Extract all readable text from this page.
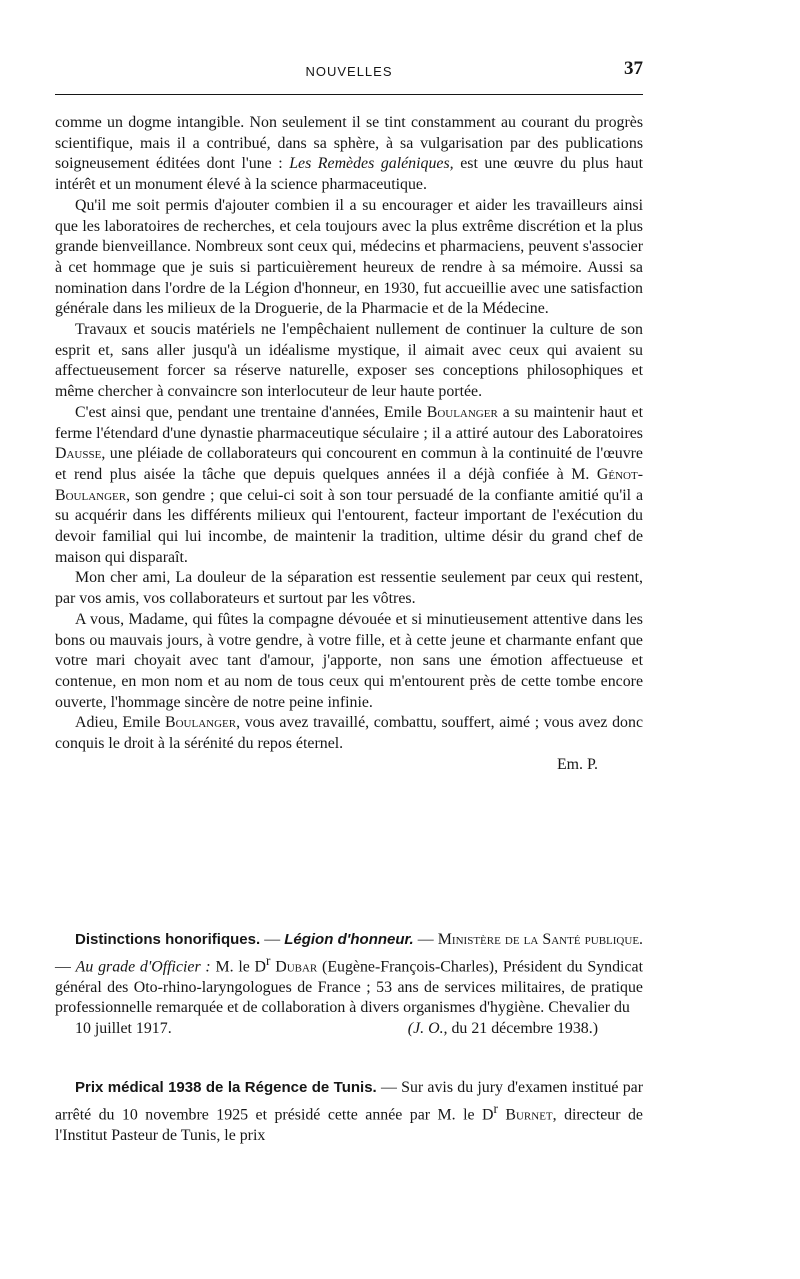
NOUVELLES	37

comme un dogme intangible. Non seulement il se tint constamment au courant du progrès scientifique, mais il a contribué, dans sa sphère, à sa vulgarisation par des publications soigneusement éditées dont l'une : Les Remèdes galéniques, est une œuvre du plus haut intérêt et un monument élevé à la science pharmaceutique.

Qu'il me soit permis d'ajouter combien il a su encourager et aider les travailleurs ainsi que les laboratoires de recherches, et cela toujours avec la plus extrême discrétion et la plus grande bienveillance. Nombreux sont ceux qui, médecins et pharmaciens, peuvent s'associer à cet hommage que je suis si particuièrement heureux de rendre à sa mémoire. Aussi sa nomination dans l'ordre de la Légion d'honneur, en 1930, fut accueillie avec une satisfaction générale dans les milieux de la Droguerie, de la Pharmacie et de la Médecine.

Travaux et soucis matériels ne l'empêchaient nullement de continuer la culture de son esprit et, sans aller jusqu'à un idéalisme mystique, il aimait avec ceux qui avaient su affectueusement forcer sa réserve naturelle, exposer ses conceptions philosophiques et même chercher à convaincre son interlocuteur de leur haute portée.

C'est ainsi que, pendant une trentaine d'années, Emile Boulanger a su maintenir haut et ferme l'étendard d'une dynastie pharmaceutique séculaire ; il a attiré autour des Laboratoires Dausse, une pléiade de collaborateurs qui concourent en commun à la continuité de l'œuvre et rend plus aisée la tâche que depuis quelques années il a déjà confiée à M. Génot-Boulanger, son gendre ; que celui-ci soit à son tour persuadé de la confiante amitié qu'il a su acquérir dans les différents milieux qui l'entourent, facteur important de l'exécution du devoir familial qui lui incombe, de maintenir la tradition, ultime désir du grand chef de maison qui disparaît.

Mon cher ami, La douleur de la séparation est ressentie seulement par ceux qui restent, par vos amis, vos collaborateurs et surtout par les vôtres.

A vous, Madame, qui fûtes la compagne dévouée et si minutieusement attentive dans les bons ou mauvais jours, à votre gendre, à votre fille, et à cette jeune et charmante enfant que votre mari choyait avec tant d'amour, j'apporte, non sans une émotion affectueuse et contenue, en mon nom et au nom de tous ceux qui m'entourent près de cette tombe encore ouverte, l'hommage sincère de notre peine infinie.

Adieu, Emile Boulanger, vous avez travaillé, combattu, souffert, aimé ; vous avez donc conquis le droit à la sérénité du repos éternel.

Em. P.

Distinctions honorifiques. — Légion d'honneur. — Ministère de la Santé publique. — Au grade d'Officier : M. le $D^r$ Dubar (Eugène-François-Charles), Président du Syndicat général des Oto-rhino-laryngologues de France ; 53 ans de services militaires, de pratique professionnelle remarquée et de collaboration à divers organismes d'hygiène. Chevalier du
10 juillet 1917.	(J. O., du 21 décembre 1938.)
Prix médical 1938 de la Régence de Tunis. — Sur avis du jury d'examen institué par arrêté du 10 novembre 1925 et présidé cette année par M. le $D^r$ Burnet, directeur de l'Institut Pasteur de Tunis, le prix
